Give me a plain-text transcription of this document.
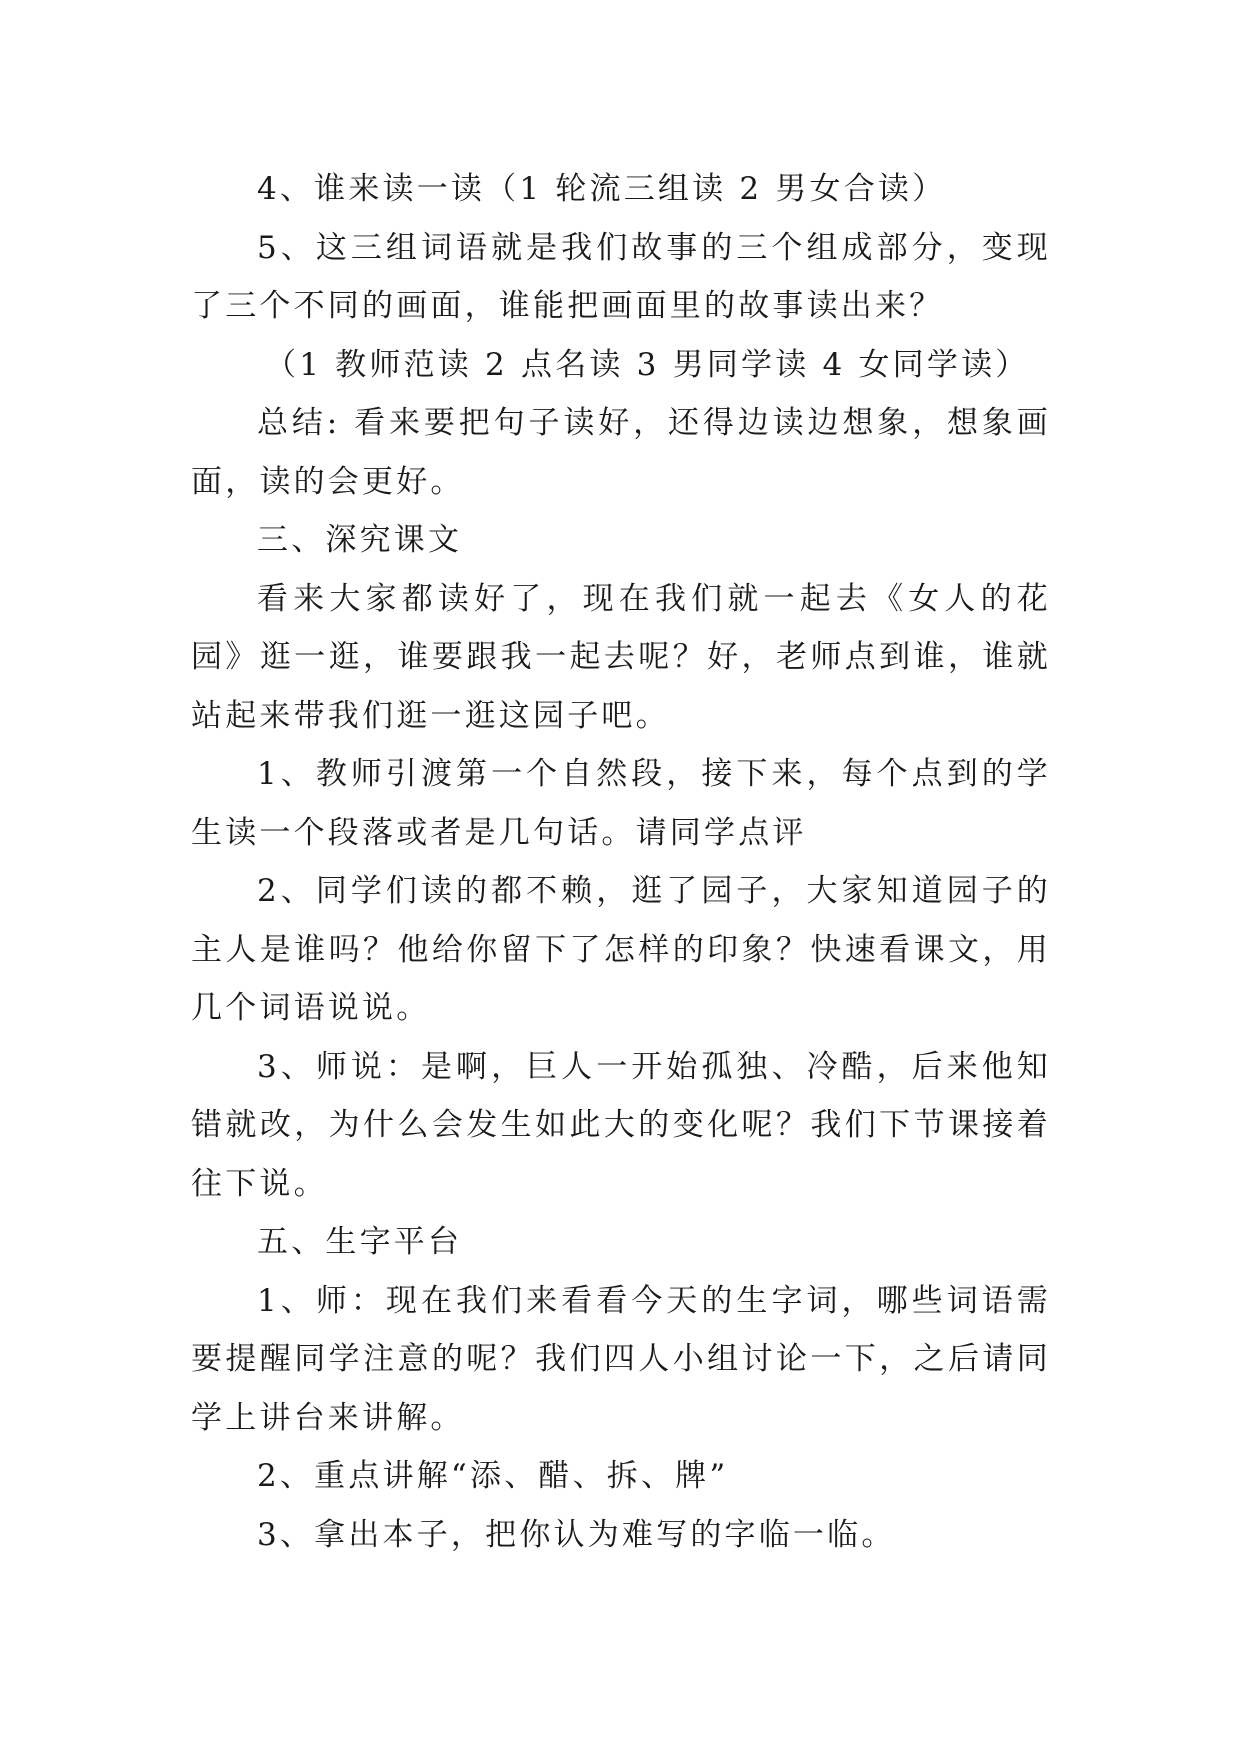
4、谁来读一读（1 轮流三组读 2 男女合读）

5、这三组词语就是我们故事的三个组成部分，变现了三个不同的画面，谁能把画面里的故事读出来？

（1 教师范读 2 点名读 3 男同学读 4 女同学读）

总结: 看来要把句子读好，还得边读边想象，想象画面，读的会更好。

三、深究课文

看来大家都读好了，现在我们就一起去《女人的花园》逛一逛，谁要跟我一起去呢？好，老师点到谁，谁就站起来带我们逛一逛这园子吧。

1、教师引渡第一个自然段，接下来，每个点到的学生读一个段落或者是几句话。请同学点评

2、同学们读的都不赖，逛了园子，大家知道园子的主人是谁吗？他给你留下了怎样的印象？快速看课文，用几个词语说说。

3、师说：是啊，巨人一开始孤独、冷酷，后来他知错就改，为什么会发生如此大的变化呢？我们下节课接着往下说。

五、生字平台

1、师：现在我们来看看今天的生字词，哪些词语需要提醒同学注意的呢？我们四人小组讨论一下，之后请同学上讲台来讲解。

2、重点讲解“添、醋、拆、牌”

3、拿出本子，把你认为难写的字临一临。
